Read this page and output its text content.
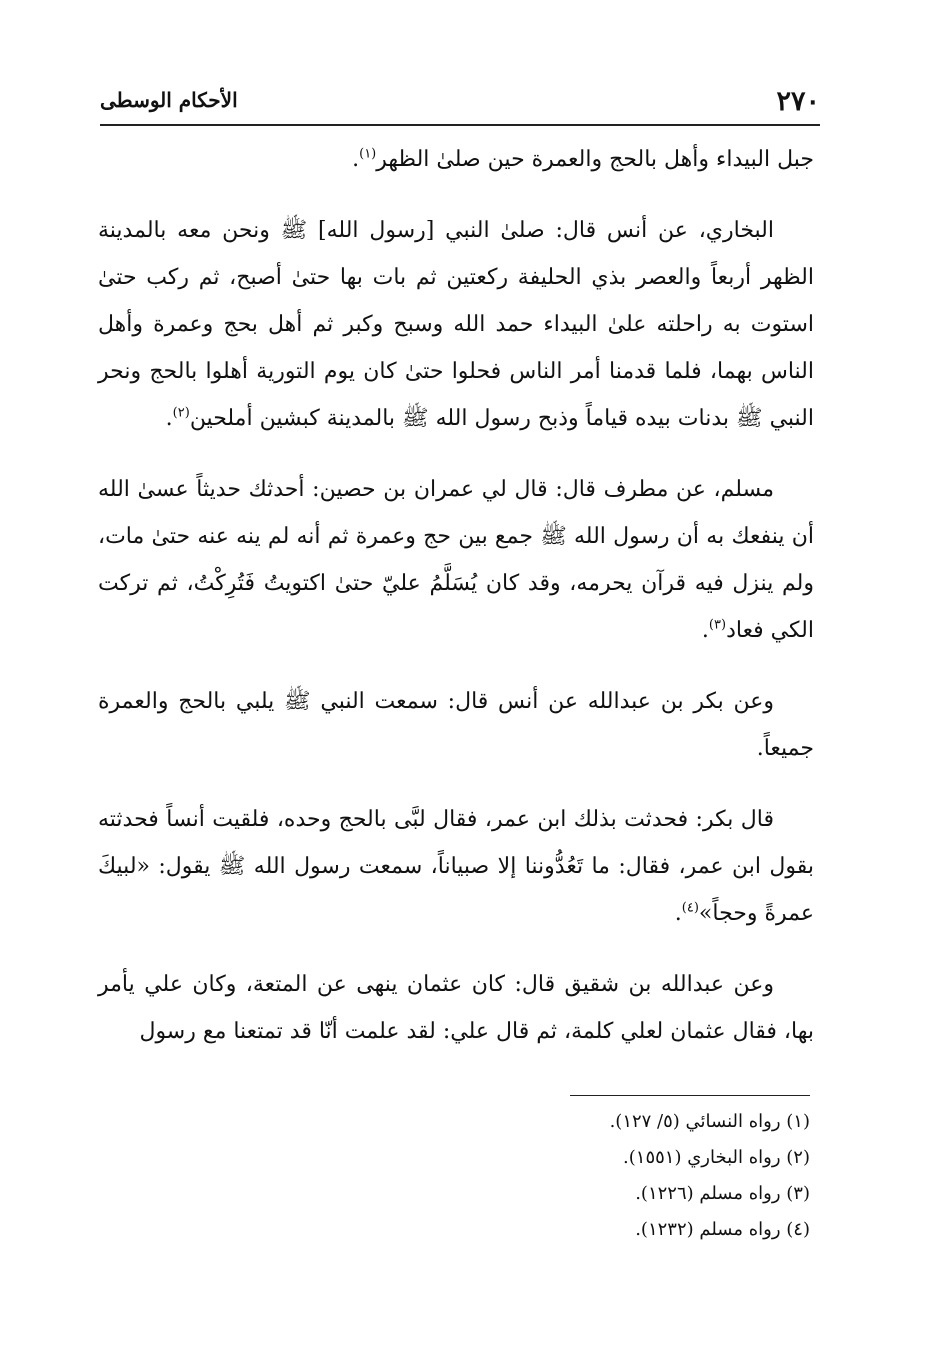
٢٧٠
الأحكام الوسطى

جبل البيداء وأهل بالحج والعمرة حين صلىٰ الظهر$^{(١)}$.

البخاري، عن أنس قال: صلىٰ النبي [رسول الله] ﷺ ونحن معه بالمدينة الظهر أربعاً والعصر بذي الحليفة ركعتين ثم بات بها حتىٰ أصبح، ثم ركب حتىٰ استوت به راحلته علىٰ البيداء حمد الله وسبح وكبر ثم أهل بحج وعمرة وأهل الناس بهما، فلما قدمنا أمر الناس فحلوا حتىٰ كان يوم التورية أهلوا بالحج ونحر النبي ﷺ بدنات بيده قياماً وذبح رسول الله ﷺ بالمدينة كبشين أملحين$^{(٢)}$.

مسلم، عن مطرف قال: قال لي عمران بن حصين: أحدثك حديثاً عسىٰ الله أن ينفعك به أن رسول الله ﷺ جمع بين حج وعمرة ثم أنه لم ينه عنه حتىٰ مات، ولم ينزل فيه قرآن يحرمه، وقد كان يُسَلَّمُ عليّ حتىٰ اكتويتُ فَتُرِكْتُ، ثم تركت الكي فعاد$^{(٣)}$.

وعن بكر بن عبدالله عن أنس قال: سمعت النبي ﷺ يلبي بالحج والعمرة جميعاً.

قال بكر: فحدثت بذلك ابن عمر، فقال لبَّى بالحج وحده، فلقيت أنساً فحدثته بقول ابن عمر، فقال: ما تَعُدُّوننا إلا صبياناً، سمعت رسول الله ﷺ يقول: «لبيكَ عمرةً وحجاً»$^{(٤)}$.

وعن عبدالله بن شقيق قال: كان عثمان ينهى عن المتعة، وكان علي يأمر بها، فقال عثمان لعلي كلمة، ثم قال علي: لقد علمت أنّا قد تمتعنا مع رسول

(١) رواه النسائي (٥/ ١٢٧).

(٢) رواه البخاري (١٥٥١).

(٣) رواه مسلم (١٢٢٦).

(٤) رواه مسلم (١٢٣٢).
